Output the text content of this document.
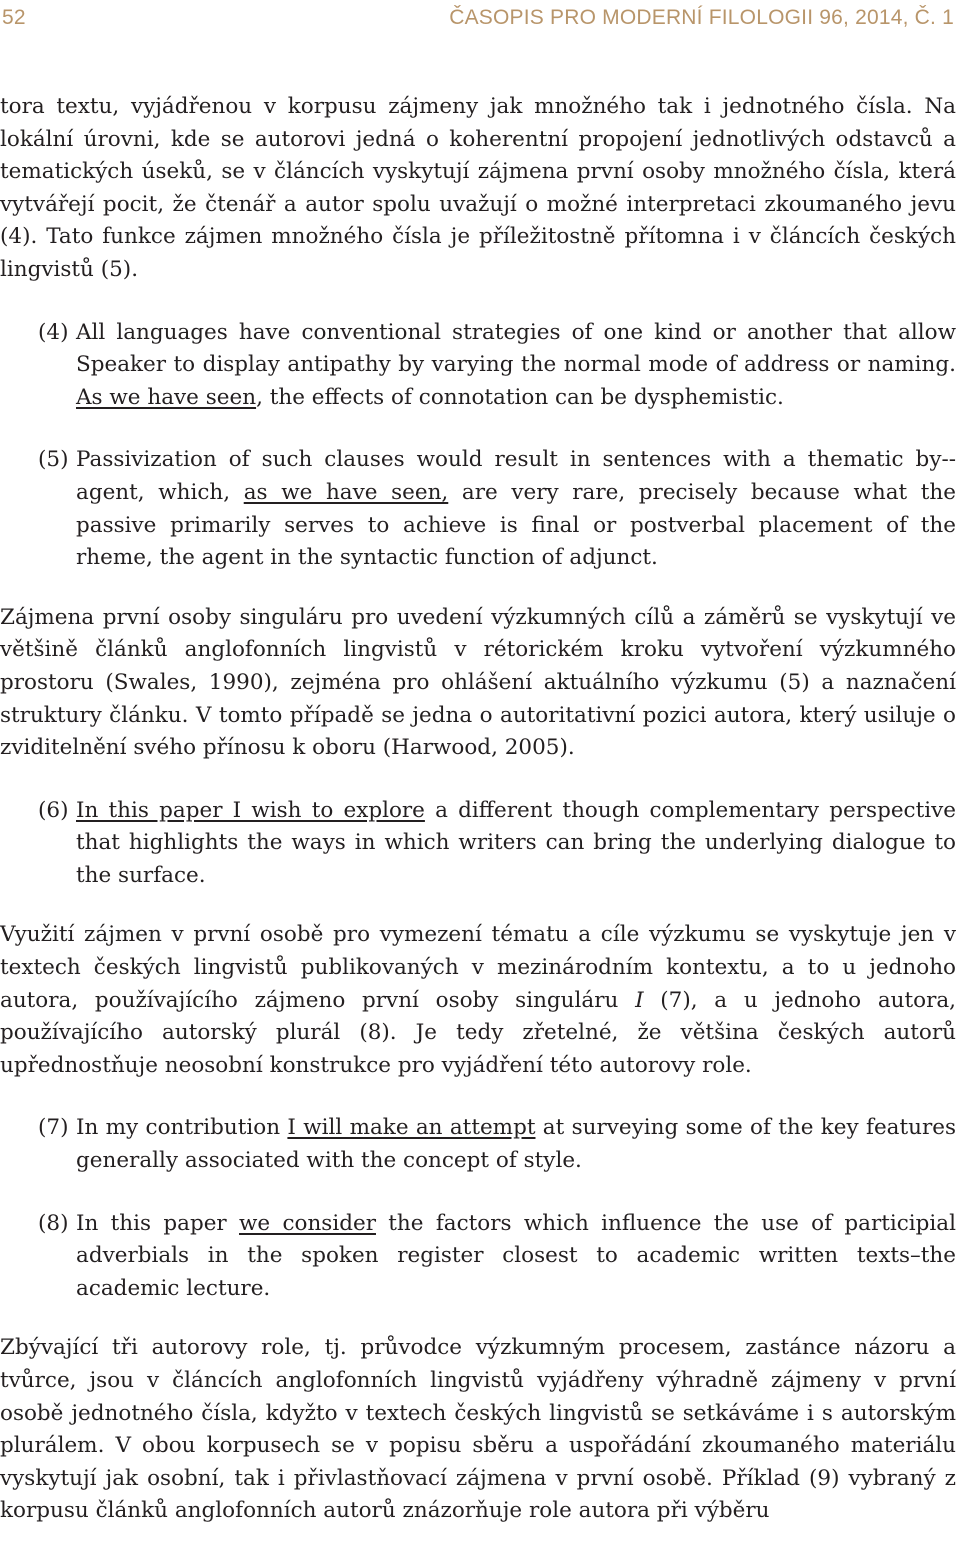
52	ČASOPIS PRO MODERNÍ FILOLOGII 96, 2014, Č. 1

tora textu, vyjádřenou v korpusu zájmeny jak množného tak i jednotného čísla. Na lokální úrovni, kde se autorovi jedná o koherentní propojení jednotlivých odstavců a tematických úseků, se v článcích vyskytují zájmena první osoby množného čísla, která vytvářejí pocit, že čtenář a autor spolu uvažují o možné interpretaci zkoumaného jevu (4). Tato funkce zájmen množného čísla je příležitostně přítomna i v článcích českých lingvistů (5).

(4) All languages have conventional strategies of one kind or another that allow Speaker to display antipathy by varying the normal mode of address or naming. As we have seen, the effects of connotation can be dysphemistic.
(5) Passivization of such clauses would result in sentences with a thematic by--agent, which, as we have seen, are very rare, precisely because what the passive primarily serves to achieve is final or postverbal placement of the rheme, the agent in the syntactic function of adjunct.

Zájmena první osoby singuláru pro uvedení výzkumných cílů a záměrů se vyskytují ve většině článků anglofonních lingvistů v rétorickém kroku vytvoření výzkumného prostoru (Swales, 1990), zejména pro ohlášení aktuálního výzkumu (5) a naznačení struktury článku. V tomto případě se jedna o autoritativní pozici autora, který usiluje o zviditelnění svého přínosu k oboru (Harwood, 2005).

(6) In this paper I wish to explore a different though complementary perspective that highlights the ways in which writers can bring the underlying dialogue to the surface.

Využití zájmen v první osobě pro vymezení tématu a cíle výzkumu se vyskytuje jen v textech českých lingvistů publikovaných v mezinárodním kontextu, a to u jednoho autora, používajícího zájmeno první osoby singuláru I (7), a u jednoho autora, používajícího autorský plurál (8). Je tedy zřetelné, že většina českých autorů upřednostňuje neosobní konstrukce pro vyjádření této autorovy role.

(7) In my contribution I will make an attempt at surveying some of the key features generally associated with the concept of style.
(8) In this paper we consider the factors which influence the use of participial adverbials in the spoken register closest to academic written texts–the academic lecture.

Zbývající tři autorovy role, tj. průvodce výzkumným procesem, zastánce názoru a tvůrce, jsou v článcích anglofonních lingvistů vyjádřeny výhradně zájmeny v první osobě jednotného čísla, kdyžto v textech českých lingvistů se setkáváme i s autorským plurálem. V obou korpusech se v popisu sběru a uspořádání zkoumaného materiálu vyskytují jak osobní, tak i přivlastňovací zájmena v první osobě. Příklad (9) vybraný z korpusu článků anglofonních autorů znázorňuje role autora při výběru
